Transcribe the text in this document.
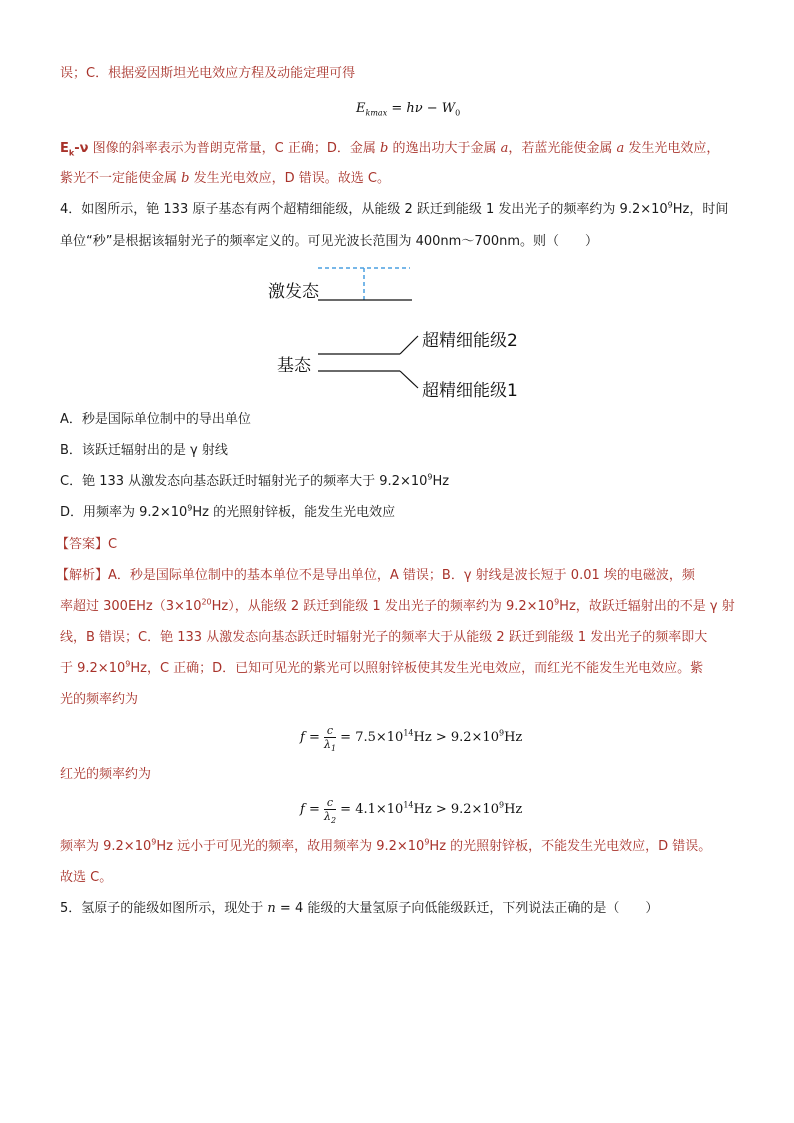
误；C．根据爱因斯坦光电效应方程及动能定理可得
$E_{kmax} = h\nu - W_0$
$E_k-\nu$ 图像的斜率表示为普朗克常量，C 正确；D．金属 b 的逸出功大于金属 a，若蓝光能使金属 a 发生光电效应，
紫光不一定能使金属 b 发生光电效应，D 错误。故选 C。
4．如图所示，铯 133 原子基态有两个超精细能级，从能级 2 跃迁到能级 1 发出光子的频率约为 $9.2\times 10^9Hz$，时间
单位“秒”是根据该辐射光子的频率定义的。可见光波长范围为 400nm～700nm。则（　　）
激发态
基态
超精细能级2
超精细能级1
A．秒是国际单位制中的导出单位
B．该跃迁辐射出的是 γ 射线
C．铯 133 从激发态向基态跃迁时辐射光子的频率大于 $9.2\times 10^9Hz$
D．用频率为 $9.2\times 10^9Hz$ 的光照射锌板，能发生光电效应
【答案】C
【解析】A．秒是国际单位制中的基本单位不是导出单位，A 错误；B．γ 射线是波长短于 0.01 埃的电磁波，频
率超过 $300EHz(3\times 10^{20}Hz)$，从能级 2 跃迁到能级 1 发出光子的频率约为 $9.2\times 10^9Hz$，故跃迁辐射出的不是 γ 射
线，B 错误；C．铯 133 从激发态向基态跃迁时辐射光子的频率大于从能级 2 跃迁到能级 1 发出光子的频率即大
于 $9.2\times 10^9Hz$，C 正确；D．已知可见光的紫光可以照射锌板使其发生光电效应，而红光不能发生光电效应。紫
光的频率约为
$f = \frac{c}{\lambda_1} = 7.5\times 10^{14}Hz > 9.2\times 10^9Hz$
红光的频率约为
$f = \frac{c}{\lambda_2} = 4.1\times 10^{14}Hz > 9.2\times 10^9Hz$
频率为 $9.2\times 10^9Hz$ 远小于可见光的频率，故用频率为 $9.2\times 10^9Hz$ 的光照射锌板，不能发生光电效应，D 错误。
故选 C。
5．氢原子的能级如图所示，现处于 n = 4 能级的大量氢原子向低能级跃迁，下列说法正确的是（　　）
